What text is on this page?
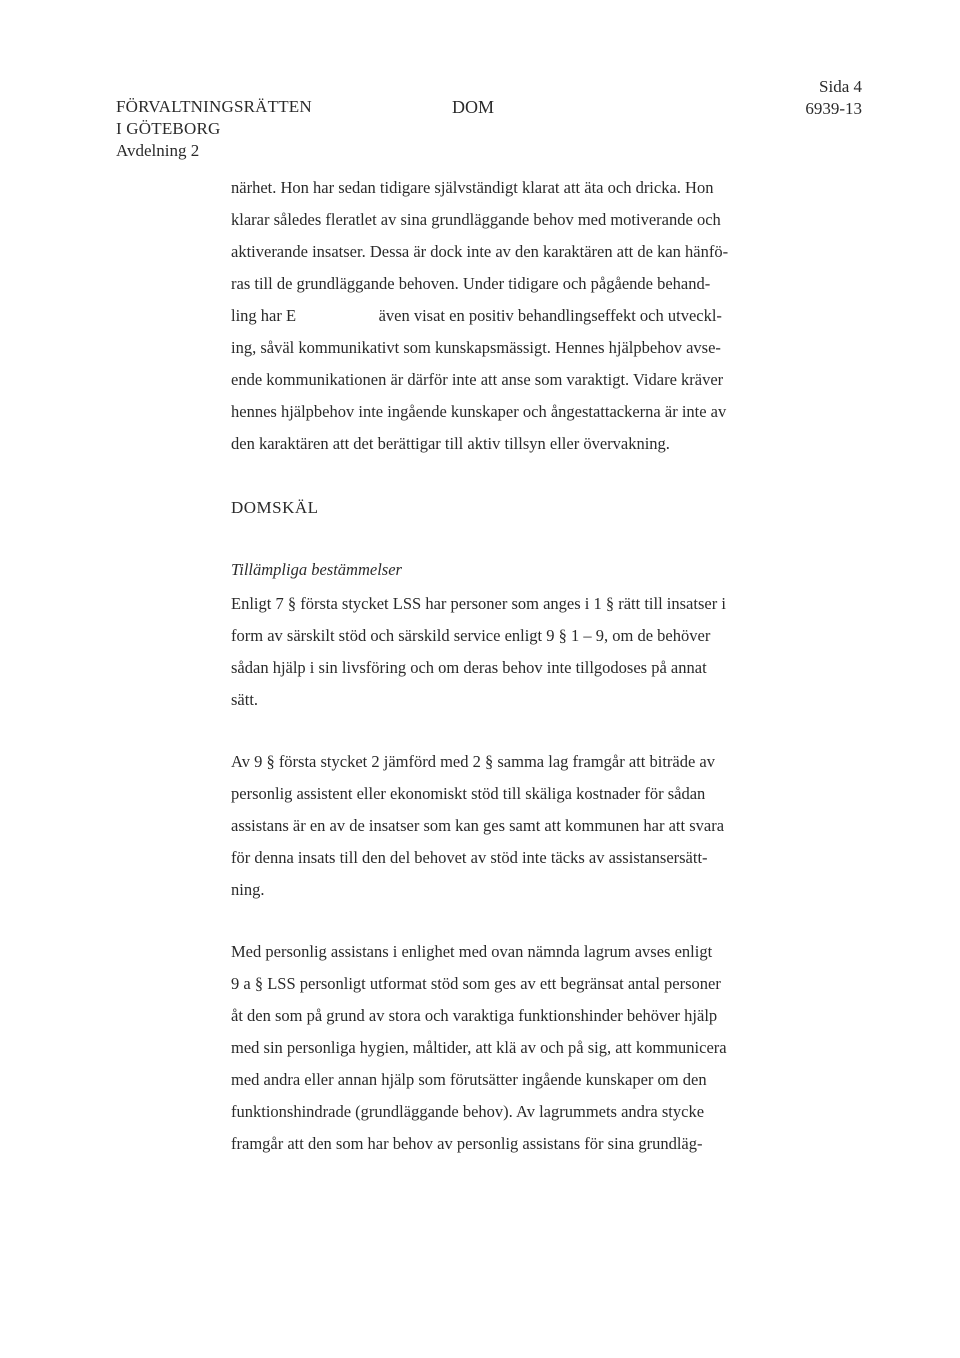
FÖRVALTNINGSRÄTTEN
I GÖTEBORG
Avdelning 2
DOM
Sida 4
6939-13
närhet. Hon har sedan tidigare självständigt klarat att äta och dricka. Hon
klarar således fleratlet av sina grundläggande behov med motiverande och
aktiverande insatser. Dessa är dock inte av den karaktären att de kan hänfö-
ras till de grundläggande behoven. Under tidigare och pågående behand-
ling har E                    även visat en positiv behandlingseffekt och utveckl-
ing, såväl kommunikativt som kunskapsmässigt. Hennes hjälpbehov avse-
ende kommunikationen är därför inte att anse som varaktigt. Vidare kräver
hennes hjälpbehov inte ingående kunskaper och ångestattackerna är inte av
den karaktären att det berättigar till aktiv tillsyn eller övervakning.
DOMSKÄL
Tillämpliga bestämmelser
Enligt 7 § första stycket LSS har personer som anges i 1 § rätt till insatser i
form av särskilt stöd och särskild service enligt 9 § 1 – 9, om de behöver
sådan hjälp i sin livsföring och om deras behov inte tillgodoses på annat
sätt.
Av 9 § första stycket 2 jämförd med 2 § samma lag framgår att biträde av
personlig assistent eller ekonomiskt stöd till skäliga kostnader för sådan
assistans är en av de insatser som kan ges samt att kommunen har att svara
för denna insats till den del behovet av stöd inte täcks av assistansersätt-
ning.
Med personlig assistans i enlighet med ovan nämnda lagrum avses enligt
9 a § LSS personligt utformat stöd som ges av ett begränsat antal personer
åt den som på grund av stora och varaktiga funktionshinder behöver hjälp
med sin personliga hygien, måltider, att klä av och på sig, att kommunicera
med andra eller annan hjälp som förutsätter ingående kunskaper om den
funktionshindrade (grundläggande behov). Av lagrummets andra stycke
framgår att den som har behov av personlig assistans för sina grundläg-
